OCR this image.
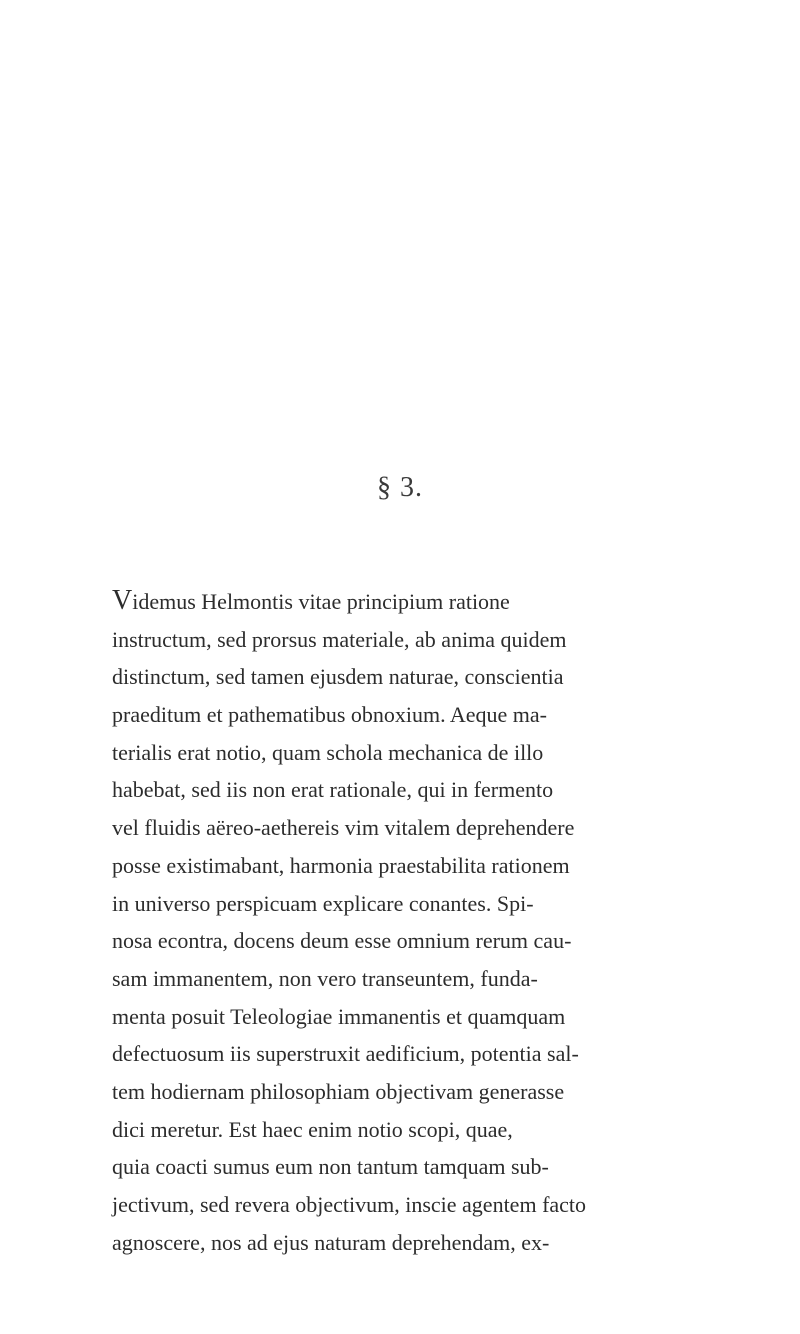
§ 3.
Videmus Helmontis vitae principium ratione
instructum, sed prorsus materiale, ab anima quidem
distinctum, sed tamen ejusdem naturae, conscientia
praeditum et pathematibus obnoxium. Aeque ma-
terialis erat notio, quam schola mechanica de illo
habebat, sed iis non erat rationale, qui in fermento
vel fluidis aëreo-aethereis vim vitalem deprehendere
posse existimabant, harmonia praestabilita rationem
in universo perspicuam explicare conantes. Spi-
nosa econtra, docens deum esse omnium rerum cau-
sam immanentem, non vero transeuntem, funda-
menta posuit Teleologiae immanentis et quamquam
defectuosum iis superstruxit aedificium, potentia sal-
tem hodiernam philosophiam objectivam generasse
dici meretur. Est haec enim notio scopi, quae,
quia coacti sumus eum non tantum tamquam sub-
jectivum, sed revera objectivum, inscie agentem facto
agnoscere, nos ad ejus naturam deprehendam, ex-
